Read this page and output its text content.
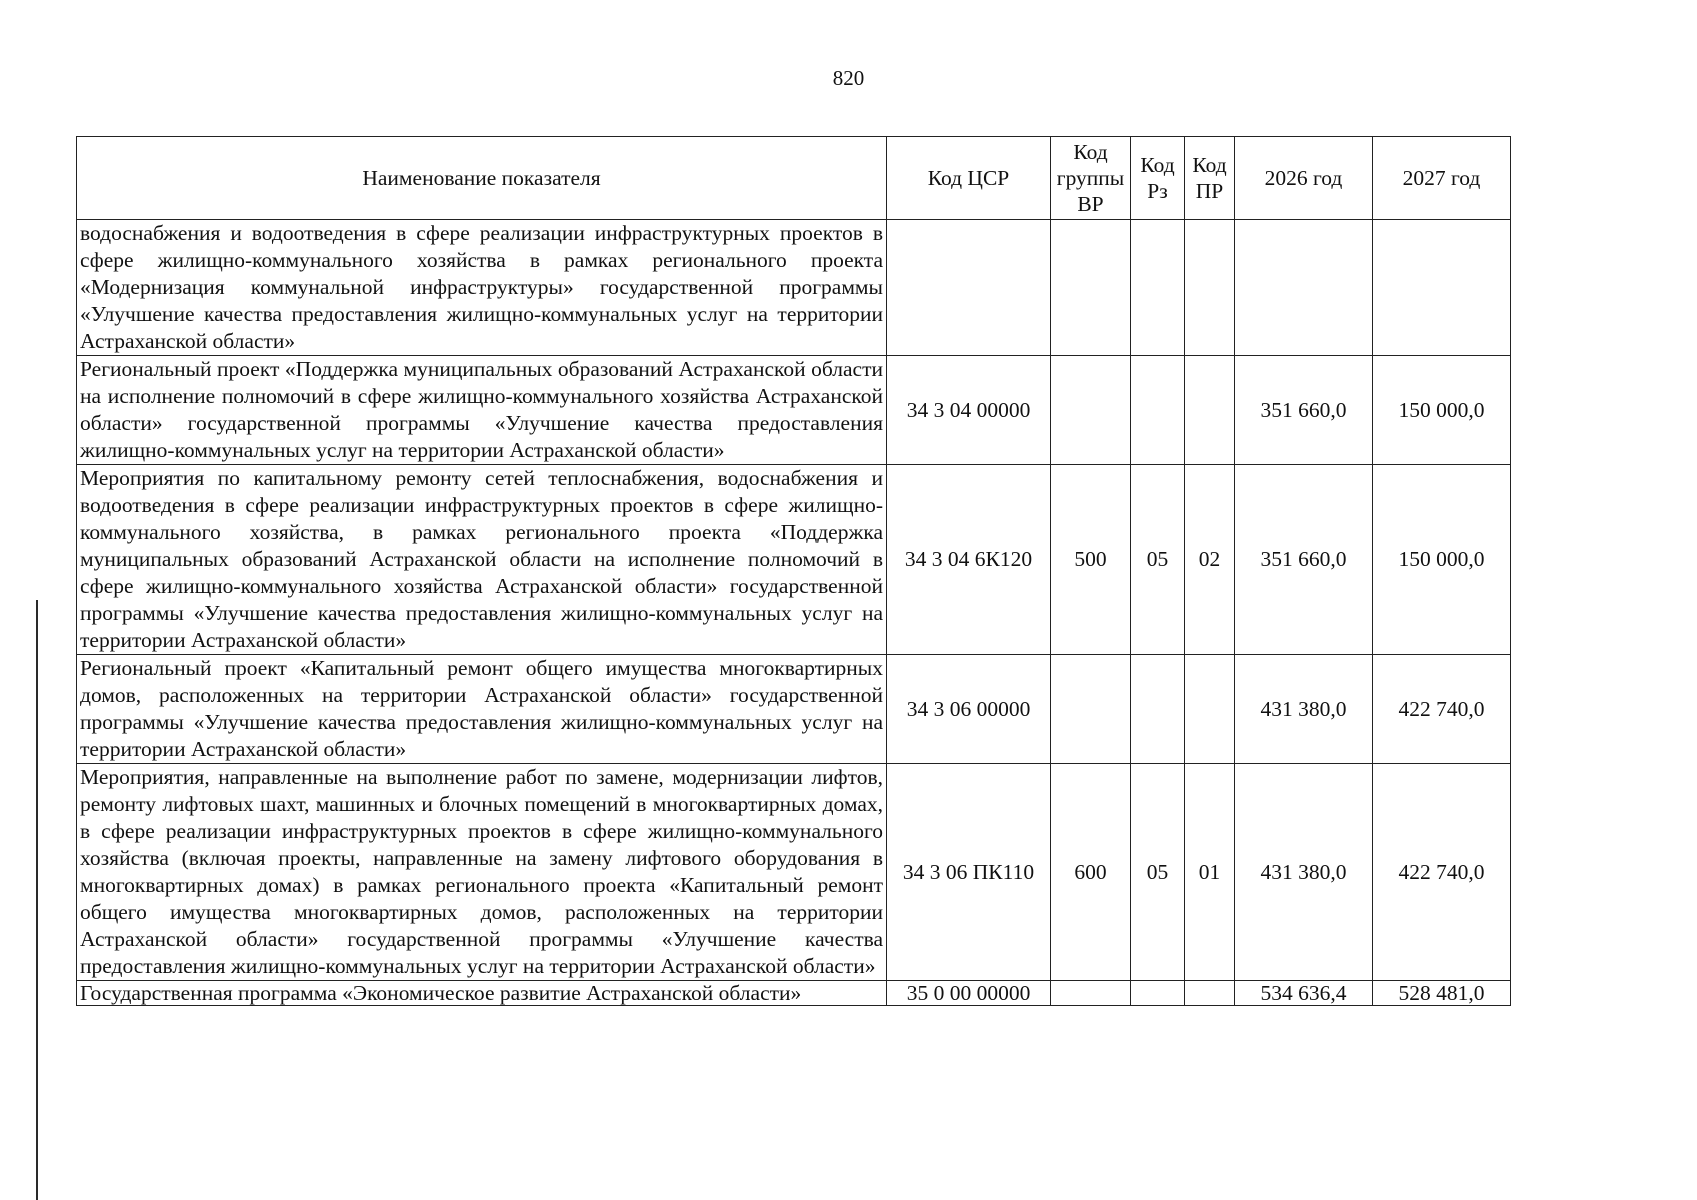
820
Наименование показателя	Код ЦСР	Код группы ВР	Код Рз	Код ПР	2026 год	2027 год
водоснабжения и водоотведения в сфере реализации инфраструктурных проектов в сфере жилищно-коммунального хозяйства в рамках регионального проекта «Модернизация коммунальной инфраструктуры» государственной программы «Улучшение качества предоставления жилищно-коммунальных услуг на территории Астраханской области»						
Региональный проект «Поддержка муниципальных образований Астраханской области на исполнение полномочий в сфере жилищно-коммунального хозяйства Астраханской области» государственной программы «Улучшение качества предоставления жилищно-коммунальных услуг на территории Астраханской области»	34 3 04 00000				351 660,0	150 000,0
Мероприятия по капитальному ремонту сетей теплоснабжения, водоснабжения и водоотведения в сфере реализации инфраструктурных проектов в сфере жилищно-коммунального хозяйства, в рамках регионального проекта «Поддержка муниципальных образований Астраханской области на исполнение полномочий в сфере жилищно-коммунального хозяйства Астраханской области» государственной программы «Улучшение качества предоставления жилищно-коммунальных услуг на территории Астраханской области»	34 3 04 6К120	500	05	02	351 660,0	150 000,0
Региональный проект «Капитальный ремонт общего имущества многоквартирных домов, расположенных на территории Астраханской области» государственной программы «Улучшение качества предоставления жилищно-коммунальных услуг на территории Астраханской области»	34 3 06 00000				431 380,0	422 740,0
Мероприятия, направленные на выполнение работ по замене, модернизации лифтов, ремонту лифтовых шахт, машинных и блочных помещений в многоквартирных домах, в сфере реализации инфраструктурных проектов в сфере жилищно-коммунального хозяйства (включая проекты, направленные на замену лифтового оборудования в многоквартирных домах) в рамках регионального проекта «Капитальный ремонт общего имущества многоквартирных домов, расположенных на территории Астраханской области» государственной программы «Улучшение качества предоставления жилищно-коммунальных услуг на территории Астраханской области»	34 3 06 ПК110	600	05	01	431 380,0	422 740,0
Государственная программа «Экономическое развитие Астраханской области»	35 0 00 00000				534 636,4	528 481,0
